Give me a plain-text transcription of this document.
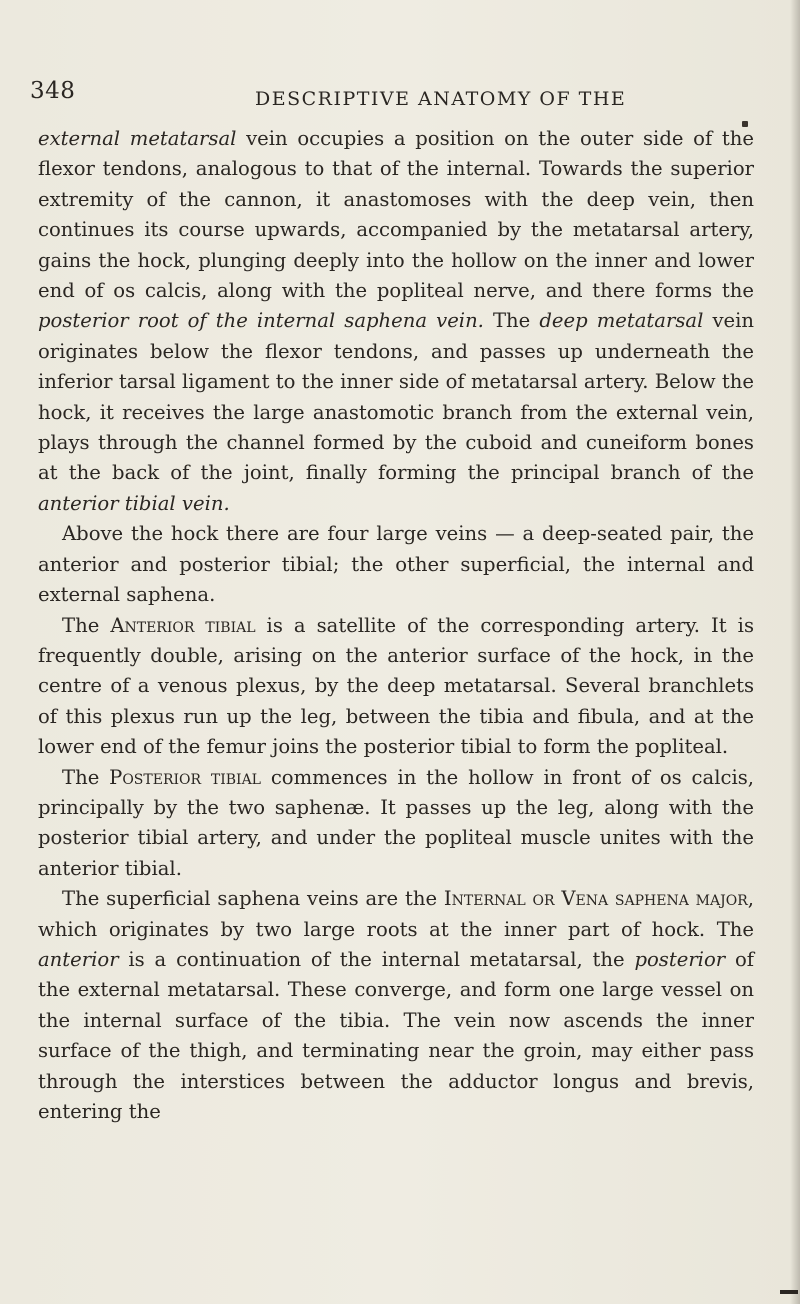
348	DESCRIPTIVE ANATOMY OF THE

external metatarsal vein occupies a position on the outer side of the flexor tendons, analogous to that of the internal. Towards the superior extremity of the cannon, it anastomoses with the deep vein, then continues its course upwards, accompanied by the metatarsal artery, gains the hock, plunging deeply into the hollow on the inner and lower end of os calcis, along with the popliteal nerve, and there forms the posterior root of the internal saphena vein. The deep metatarsal vein originates below the flexor tendons, and passes up underneath the inferior tarsal ligament to the inner side of metatarsal artery. Below the hock, it receives the large anastomotic branch from the external vein, plays through the channel formed by the cuboid and cuneiform bones at the back of the joint, finally forming the principal branch of the anterior tibial vein.

Above the hock there are four large veins — a deep-seated pair, the anterior and posterior tibial; the other superficial, the internal and external saphena.

The Anterior tibial is a satellite of the corresponding artery. It is frequently double, arising on the anterior surface of the hock, in the centre of a venous plexus, by the deep metatarsal. Several branchlets of this plexus run up the leg, between the tibia and fibula, and at the lower end of the femur joins the posterior tibial to form the popliteal.

The Posterior tibial commences in the hollow in front of os calcis, principally by the two saphenæ. It passes up the leg, along with the posterior tibial artery, and under the popliteal muscle unites with the anterior tibial.

The superficial saphena veins are the Internal or Vena saphena major, which originates by two large roots at the inner part of hock. The anterior is a continuation of the internal metatarsal, the posterior of the external metatarsal. These converge, and form one large vessel on the internal surface of the tibia. The vein now ascends the inner surface of the thigh, and terminating near the groin, may either pass through the interstices between the adductor longus and brevis, entering the
